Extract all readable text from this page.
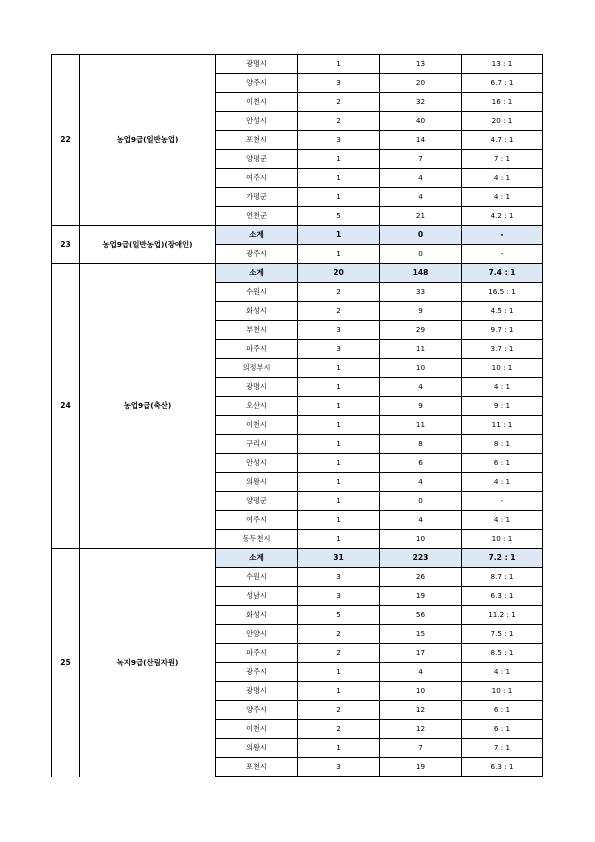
22	농업9급(일반농업)	광명시	1	13	13 : 1
		양주시	3	20	6.7 : 1
		이천시	2	32	16 : 1
		안성시	2	40	20 : 1
		포천시	3	14	4.7 : 1
		양평군	1	7	7 : 1
		여주시	1	4	4 : 1
		가평군	1	4	4 : 1
		연천군	5	21	4.2 : 1
23	농업9급(일반농업)(장애인)	소계	1	0	-
		광주시	1	0	-
24	농업9급(축산)	소계	20	148	7.4 : 1
		수원시	2	33	16.5 : 1
		화성시	2	9	4.5 : 1
		부천시	3	29	9.7 : 1
		파주시	3	11	3.7 : 1
		의정부시	1	10	10 : 1
		광명시	1	4	4 : 1
		오산시	1	9	9 : 1
		이천시	1	11	11 : 1
		구리시	1	8	8 : 1
		안성시	1	6	6 : 1
		의왕시	1	4	4 : 1
		양평군	1	0	-
		여주시	1	4	4 : 1
		동두천시	1	10	10 : 1
25	녹지9급(산림자원)	소계	31	223	7.2 : 1
		수원시	3	26	8.7 : 1
		성남시	3	19	6.3 : 1
		화성시	5	56	11.2 : 1
		안양시	2	15	7.5 : 1
		파주시	2	17	8.5 : 1
		광주시	1	4	4 : 1
		광명시	1	10	10 : 1
		양주시	2	12	6 : 1
		이천시	2	12	6 : 1
		의왕시	1	7	7 : 1
		포천시	3	19	6.3 : 1
